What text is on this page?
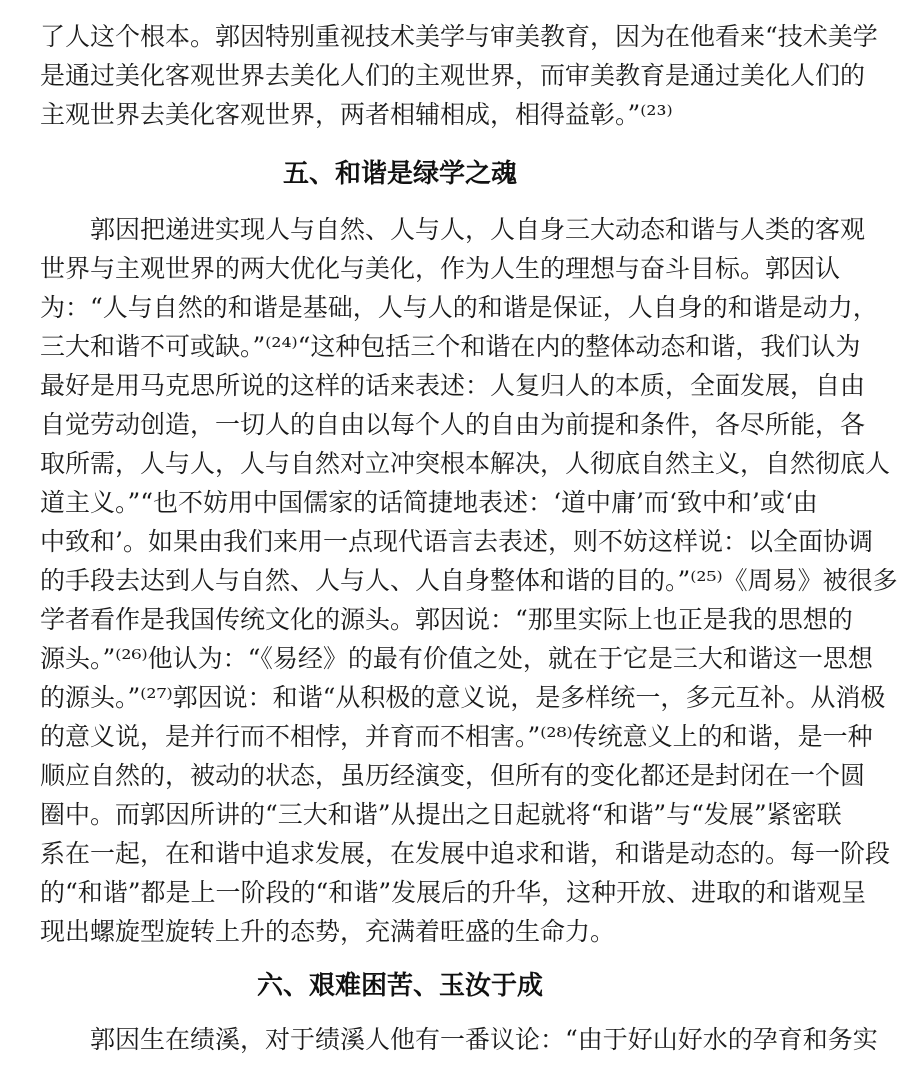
了人这个根本。郭因特别重视技术美学与审美教育，因为在他看来“技术美学
是通过美化客观世界去美化人们的主观世界，而审美教育是通过美化人们的
主观世界去美化客观世界，两者相辅相成，相得益彰。”⁽²³⁾
五、和谐是绿学之魂
郭因把递进实现人与自然、人与人，人自身三大动态和谐与人类的客观
世界与主观世界的两大优化与美化，作为人生的理想与奋斗目标。郭因认
为：“人与自然的和谐是基础，人与人的和谐是保证，人自身的和谐是动力，
三大和谐不可或缺。”⁽²⁴⁾“这种包括三个和谐在内的整体动态和谐，我们认为
最好是用马克思所说的这样的话来表述：人复归人的本质，全面发展，自由
自觉劳动创造，一切人的自由以每个人的自由为前提和条件，各尽所能，各
取所需，人与人，人与自然对立冲突根本解决，人彻底自然主义，自然彻底人
道主义。”“也不妨用中国儒家的话简捷地表述：‘道中庸’而‘致中和’或‘由
中致和’。如果由我们来用一点现代语言去表述，则不妨这样说：以全面协调
的手段去达到人与自然、人与人、人自身整体和谐的目的。”⁽²⁵⁾《周易》被很多
学者看作是我国传统文化的源头。郭因说：“那里实际上也正是我的思想的
源头。”⁽²⁶⁾他认为：“《易经》的最有价值之处，就在于它是三大和谐这一思想
的源头。”⁽²⁷⁾郭因说：和谐“从积极的意义说，是多样统一，多元互补。从消极
的意义说，是并行而不相悖，并育而不相害。”⁽²⁸⁾传统意义上的和谐，是一种
顺应自然的，被动的状态，虽历经演变，但所有的变化都还是封闭在一个圆
圈中。而郭因所讲的“三大和谐”从提出之日起就将“和谐”与“发展”紧密联
系在一起，在和谐中追求发展，在发展中追求和谐，和谐是动态的。每一阶段
的“和谐”都是上一阶段的“和谐”发展后的升华，这种开放、进取的和谐观呈
现出螺旋型旋转上升的态势，充满着旺盛的生命力。
六、艰难困苦、玉汝于成
郭因生在绩溪，对于绩溪人他有一番议论：“由于好山好水的孕育和务实
